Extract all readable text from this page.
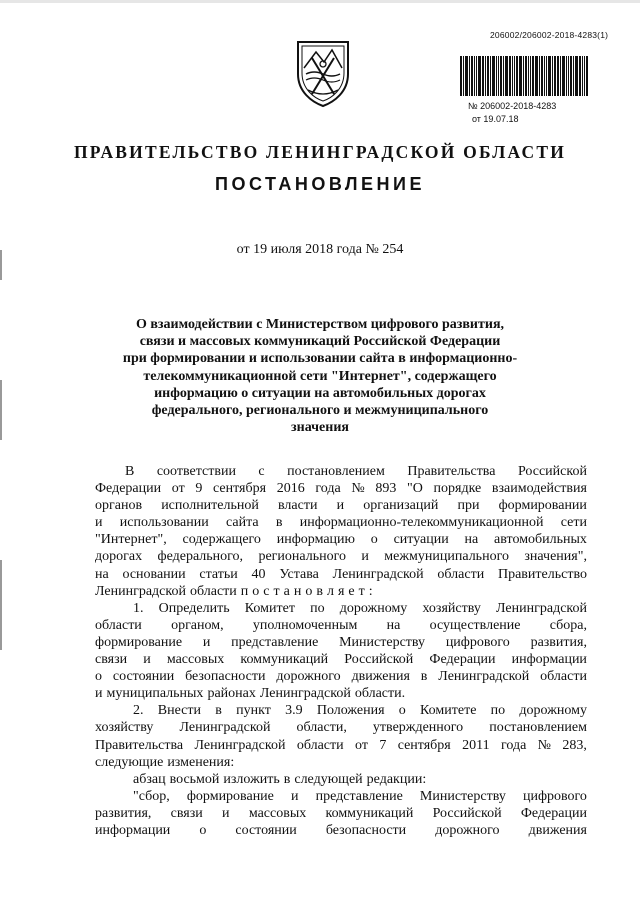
206002/206002-2018-4283(1)
№ 206002-2018-4283
от 19.07.18
ПРАВИТЕЛЬСТВО ЛЕНИНГРАДСКОЙ ОБЛАСТИ
ПОСТАНОВЛЕНИЕ
от 19 июля 2018 года № 254
О взаимодействии с Министерством цифрового развития,
связи и массовых коммуникаций Российской Федерации
при формировании и использовании сайта в информационно-
телекоммуникационной сети "Интернет", содержащего
информацию о ситуации на автомобильных дорогах
федерального, регионального и межмуниципального
значения
В соответствии с постановлением Правительства Российской
Федерации от 9 сентября 2016 года № 893 "О порядке взаимодействия
органов исполнительной власти и организаций при формировании
и использовании сайта в информационно-телекоммуникационной сети
"Интернет", содержащего информацию о ситуации на автомобильных
дорогах федерального, регионального и межмуниципального значения",
на основании статьи 40 Устава Ленинградской области Правительство
Ленинградской области п о с т а н о в л я е т :
1. Определить Комитет по дорожному хозяйству Ленинградской
области органом, уполномоченным на осуществление сбора,
формирование и представление Министерству цифрового развития,
связи и массовых коммуникаций Российской Федерации информации
о состоянии безопасности дорожного движения в Ленинградской области
и муниципальных районах Ленинградской области.
2. Внести в пункт 3.9 Положения о Комитете по дорожному
хозяйству Ленинградской области, утвержденного постановлением
Правительства Ленинградской области от 7 сентября 2011 года № 283,
следующие изменения:
абзац восьмой изложить в следующей редакции:
"сбор, формирование и представление Министерству цифрового
развития, связи и массовых коммуникаций Российской Федерации
информации о состоянии безопасности дорожного движения
